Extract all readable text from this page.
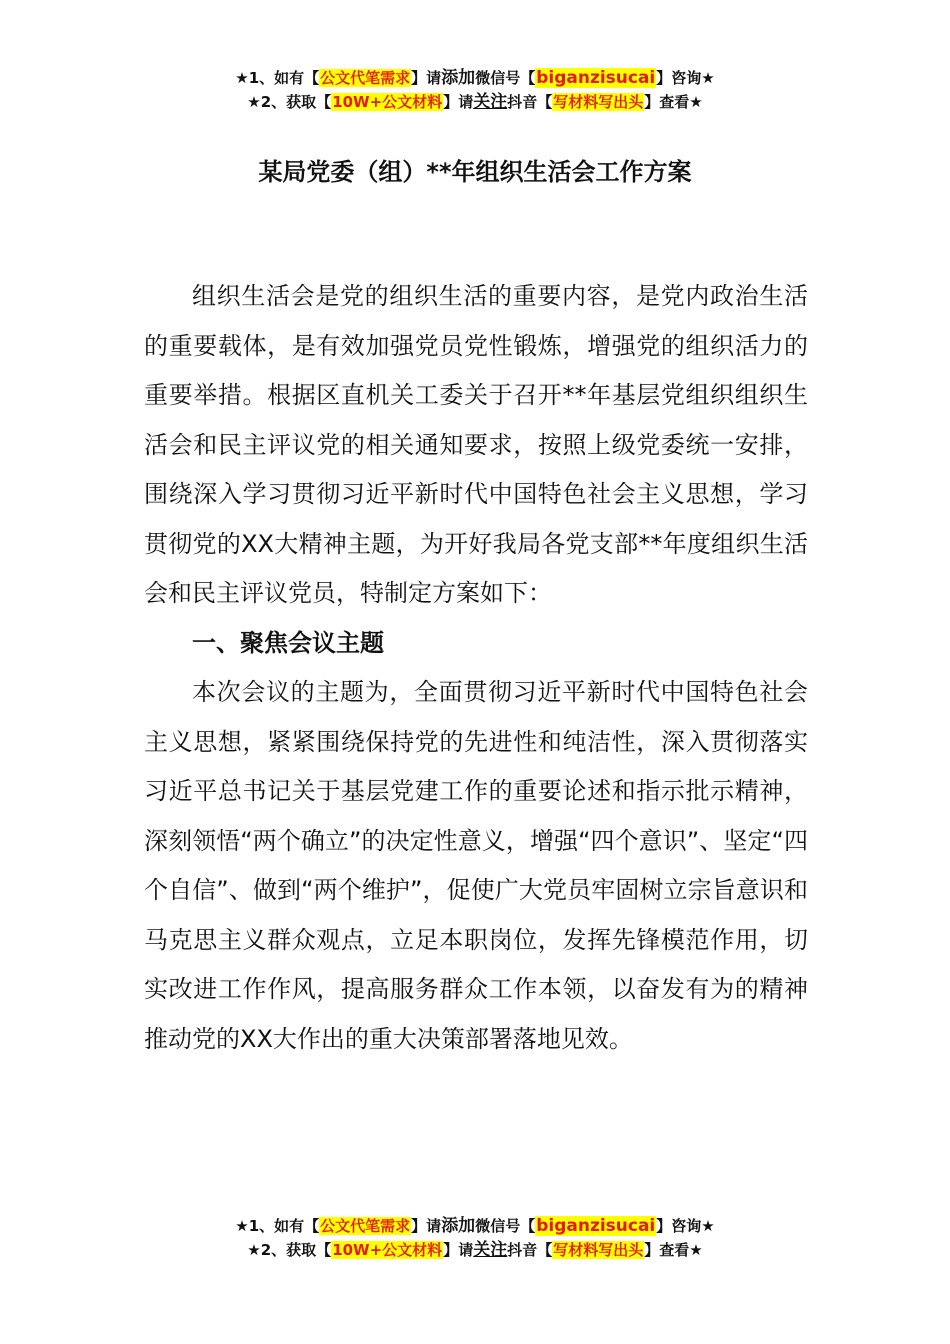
★1、如有【公文代笔需求】请添加微信号【biganzisucai】咨询★
★2、获取【10W+公文材料】请关注抖音【写材料写出头】查看★
某局党委（组）**年组织生活会工作方案

组织生活会是党的组织生活的重要内容，是党内政治生活的重要载体，是有效加强党员党性锻炼，增强党的组织活力的重要举措。根据区直机关工委关于召开**年基层党组织组织生活会和民主评议党的相关通知要求，按照上级党委统一安排，围绕深入学习贯彻习近平新时代中国特色社会主义思想，学习贯彻党的XX大精神主题，为开好我局各党支部**年度组织生活会和民主评议党员，特制定方案如下：

一、聚焦会议主题

本次会议的主题为，全面贯彻习近平新时代中国特色社会主义思想，紧紧围绕保持党的先进性和纯洁性，深入贯彻落实习近平总书记关于基层党建工作的重要论述和指示批示精神，深刻领悟“两个确立”的决定性意义，增强“四个意识”、坚定“四个自信”、做到“两个维护”，促使广大党员牢固树立宗旨意识和马克思主义群众观点，立足本职岗位，发挥先锋模范作用，切实改进工作作风，提高服务群众工作本领，以奋发有为的精神推动党的XX大作出的重大决策部署落地见效。

★1、如有【公文代笔需求】请添加微信号【biganzisucai】咨询★
★2、获取【10W+公文材料】请关注抖音【写材料写出头】查看★
